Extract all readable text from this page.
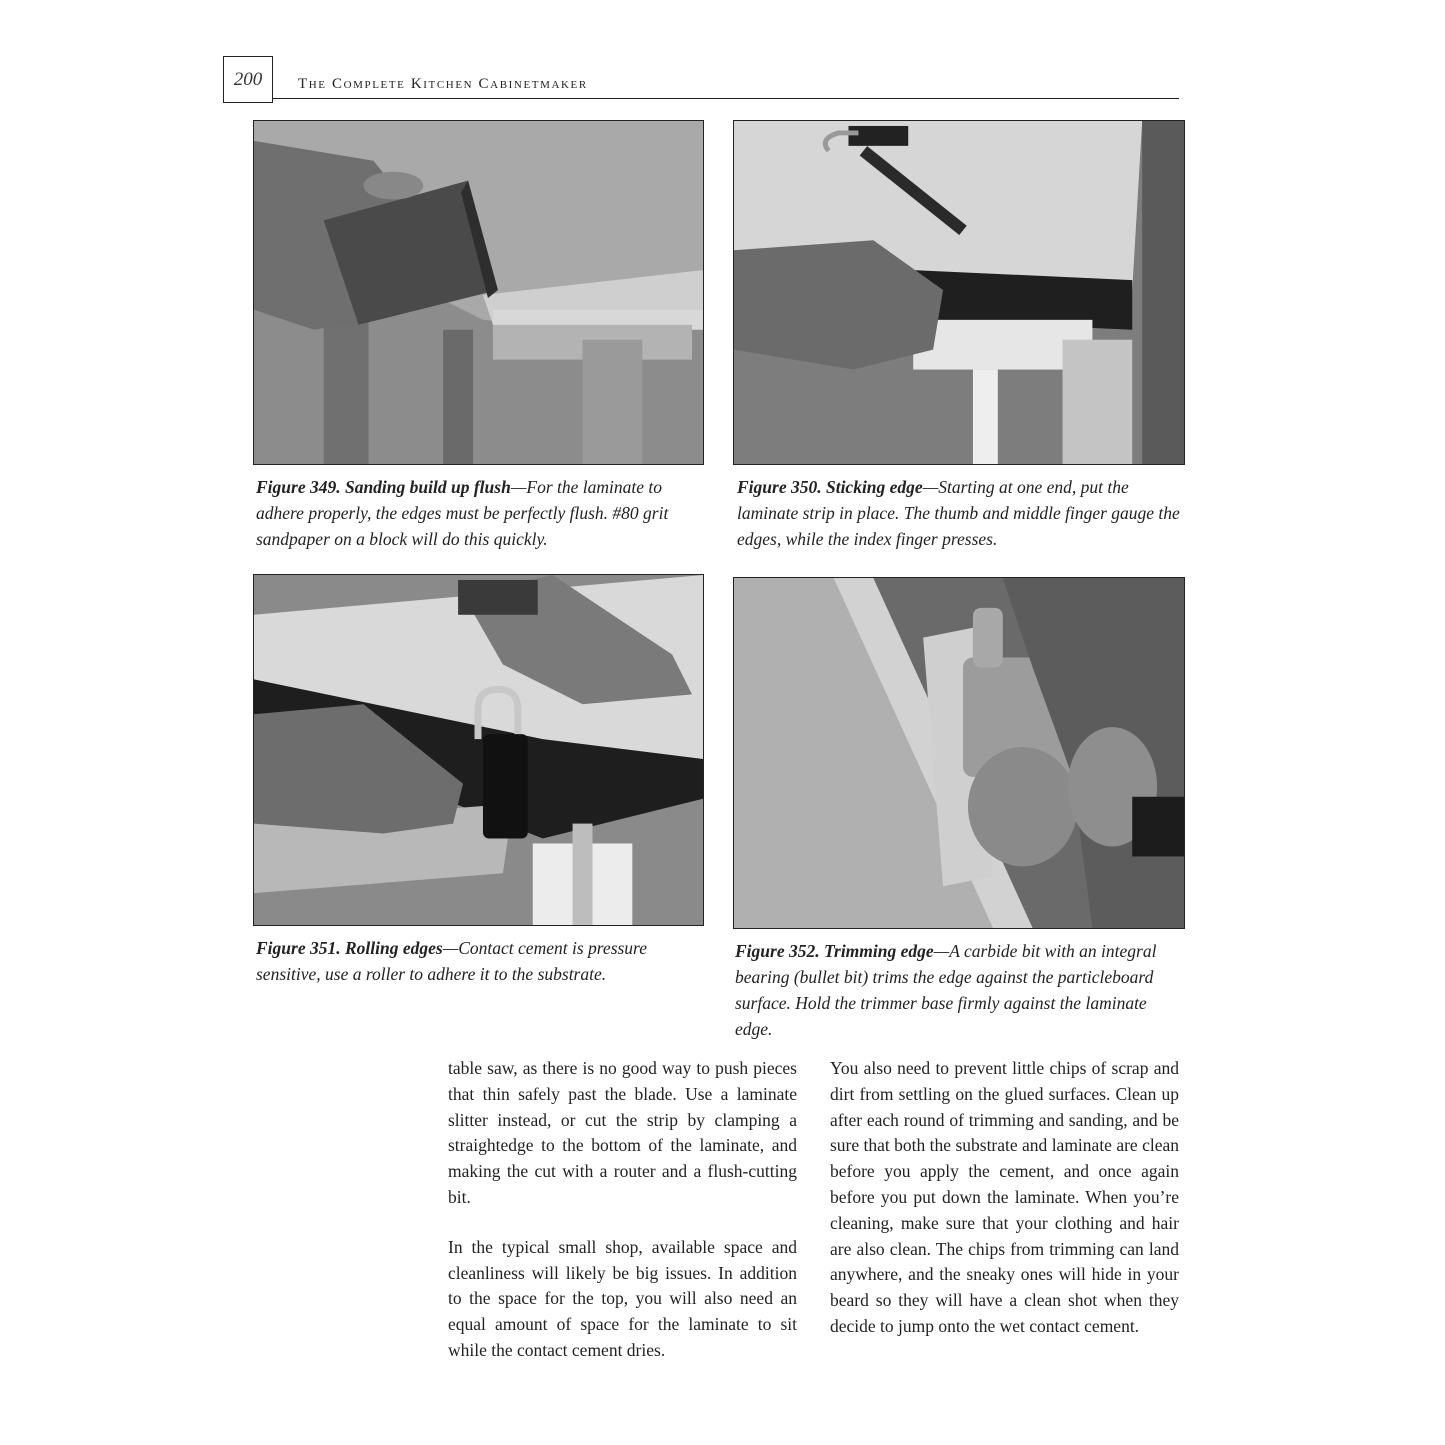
200 The Complete Kitchen Cabinetmaker
Figure 349. Sanding build up flush—For the laminate to adhere properly, the edges must be perfectly flush. #80 grit sandpaper on a block will do this quickly.
Figure 350. Sticking edge—Starting at one end, put the laminate strip in place. The thumb and middle finger gauge the edges, while the index finger presses.
Figure 351. Rolling edges—Contact cement is pressure sensitive, use a roller to adhere it to the substrate.
Figure 352. Trimming edge—A carbide bit with an integral bearing (bullet bit) trims the edge against the particleboard surface. Hold the trimmer base firmly against the laminate edge.

table saw, as there is no good way to push pieces that thin safely past the blade. Use a laminate slitter instead, or cut the strip by clamping a straightedge to the bottom of the laminate, and making the cut with a router and a flush-cutting bit.

In the typical small shop, available space and cleanliness will likely be big issues. In addition to the space for the top, you will also need an equal amount of space for the laminate to sit while the contact cement dries.

You also need to prevent little chips of scrap and dirt from settling on the glued surfaces. Clean up after each round of trimming and sanding, and be sure that both the substrate and laminate are clean before you apply the cement, and once again before you put down the laminate. When you’re cleaning, make sure that your clothing and hair are also clean. The chips from trimming can land anywhere, and the sneaky ones will hide in your beard so they will have a clean shot when they decide to jump onto the wet contact cement.
